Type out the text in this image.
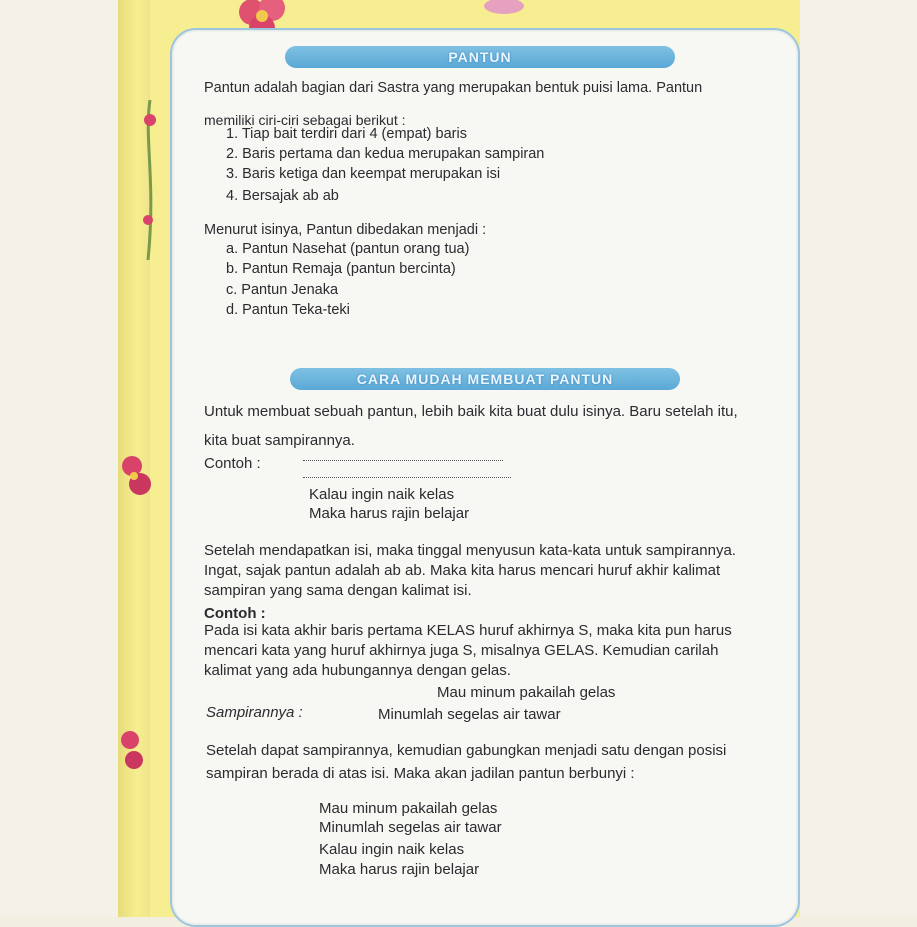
PANTUN
Pantun adalah bagian dari Sastra yang merupakan bentuk puisi lama. Pantun
memiliki ciri-ciri sebagai berikut :
1. Tiap bait terdiri dari 4 (empat) baris
2. Baris pertama dan kedua merupakan sampiran
3. Baris ketiga dan keempat merupakan isi
4. Bersajak ab ab
Menurut isinya, Pantun dibedakan menjadi :
a. Pantun Nasehat (pantun orang tua)
b. Pantun Remaja (pantun bercinta)
c. Pantun Jenaka
d. Pantun Teka-teki
CARA MUDAH MEMBUAT PANTUN
Untuk membuat sebuah pantun, lebih baik kita buat dulu isinya. Baru setelah itu,
kita buat sampirannya.
Contoh :
Kalau ingin naik kelas
Maka harus rajin belajar
Setelah mendapatkan isi, maka tinggal menyusun kata-kata untuk sampirannya.
Ingat, sajak pantun adalah ab ab. Maka kita harus mencari huruf akhir kalimat
sampiran yang sama dengan kalimat isi.
Contoh :
Pada isi kata akhir baris pertama KELAS huruf akhirnya S, maka kita pun harus
mencari kata yang huruf akhirnya juga S, misalnya GELAS. Kemudian carilah
kalimat yang ada hubungannya dengan gelas.
Sampirannya :
Mau minum pakailah gelas
Minumlah segelas air tawar
Setelah dapat sampirannya, kemudian gabungkan menjadi satu dengan posisi
sampiran berada di atas isi. Maka akan jadilan pantun berbunyi :
Mau minum pakailah gelas
Minumlah segelas air tawar
Kalau ingin naik kelas
Maka harus rajin belajar
